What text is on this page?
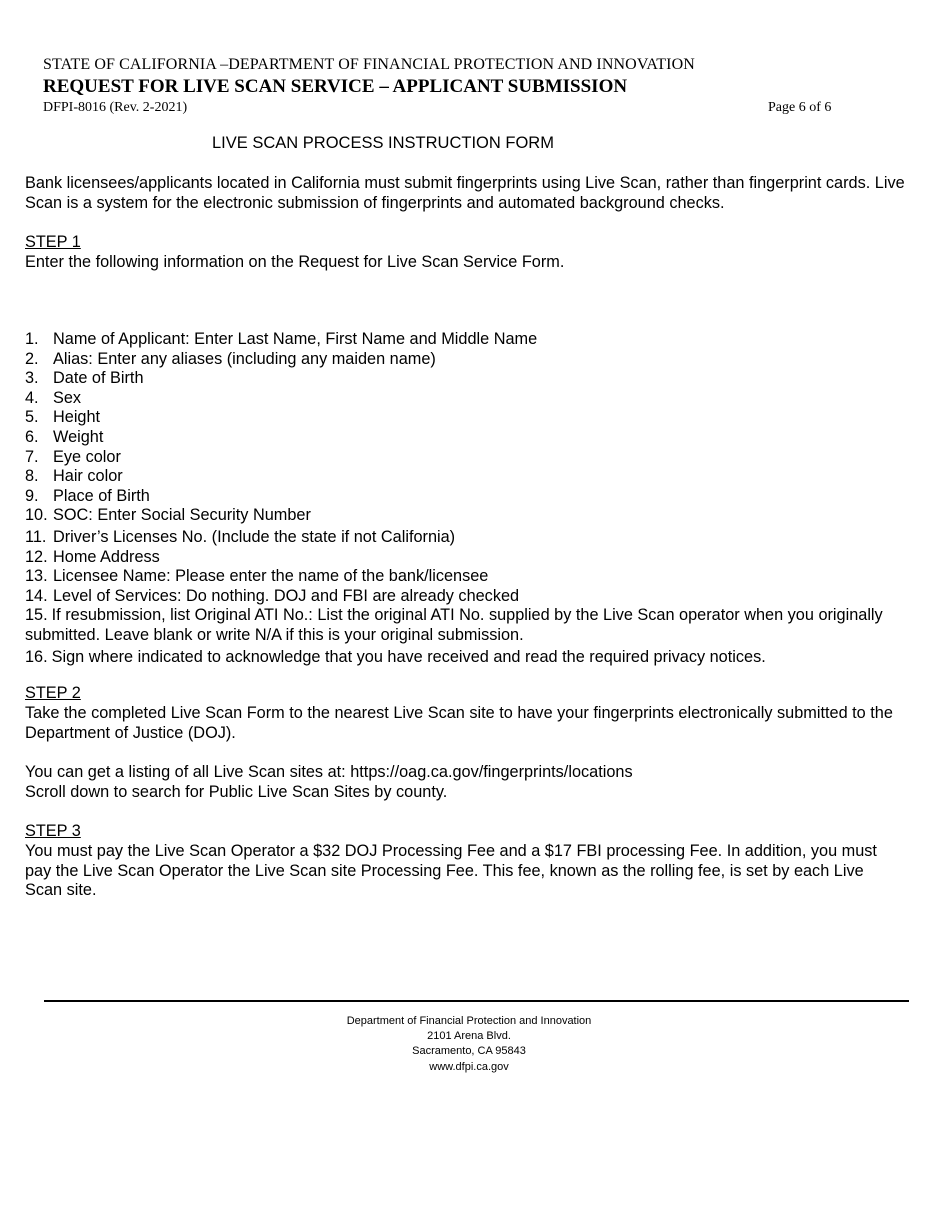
STATE OF CALIFORNIA –DEPARTMENT OF FINANCIAL PROTECTION AND INNOVATION
REQUEST FOR LIVE SCAN SERVICE – APPLICANT SUBMISSION
DFPI-8016 (Rev. 2-2021)	Page 6 of 6
LIVE SCAN PROCESS INSTRUCTION FORM
Bank licensees/applicants located in California must submit fingerprints using Live Scan, rather than fingerprint cards. Live Scan is a system for the electronic submission of fingerprints and automated background checks.
STEP 1
Enter the following information on the Request for Live Scan Service Form.
1. Name of Applicant: Enter Last Name, First Name and Middle Name
2. Alias: Enter any aliases (including any maiden name)
3. Date of Birth
4. Sex
5. Height
6. Weight
7. Eye color
8. Hair color
9. Place of Birth
10. SOC: Enter Social Security Number
11. Driver’s Licenses No. (Include the state if not California)
12. Home Address
13. Licensee Name: Please enter the name of the bank/licensee
14. Level of Services: Do nothing. DOJ and FBI are already checked
15. If resubmission, list Original ATI No.: List the original ATI No. supplied by the Live Scan operator when you originally submitted. Leave blank or write N/A if this is your original submission.
16. Sign where indicated to acknowledge that you have received and read the required privacy notices.
STEP 2
Take the completed Live Scan Form to the nearest Live Scan site to have your fingerprints electronically submitted to the Department of Justice (DOJ).
You can get a listing of all Live Scan sites at: https://oag.ca.gov/fingerprints/locations
Scroll down to search for Public Live Scan Sites by county.
STEP 3
You must pay the Live Scan Operator a $32 DOJ Processing Fee and a $17 FBI processing Fee. In addition, you must pay the Live Scan Operator the Live Scan site Processing Fee. This fee, known as the rolling fee, is set by each Live Scan site.
Department of Financial Protection and Innovation
2101 Arena Blvd.
Sacramento, CA 95843
www.dfpi.ca.gov
